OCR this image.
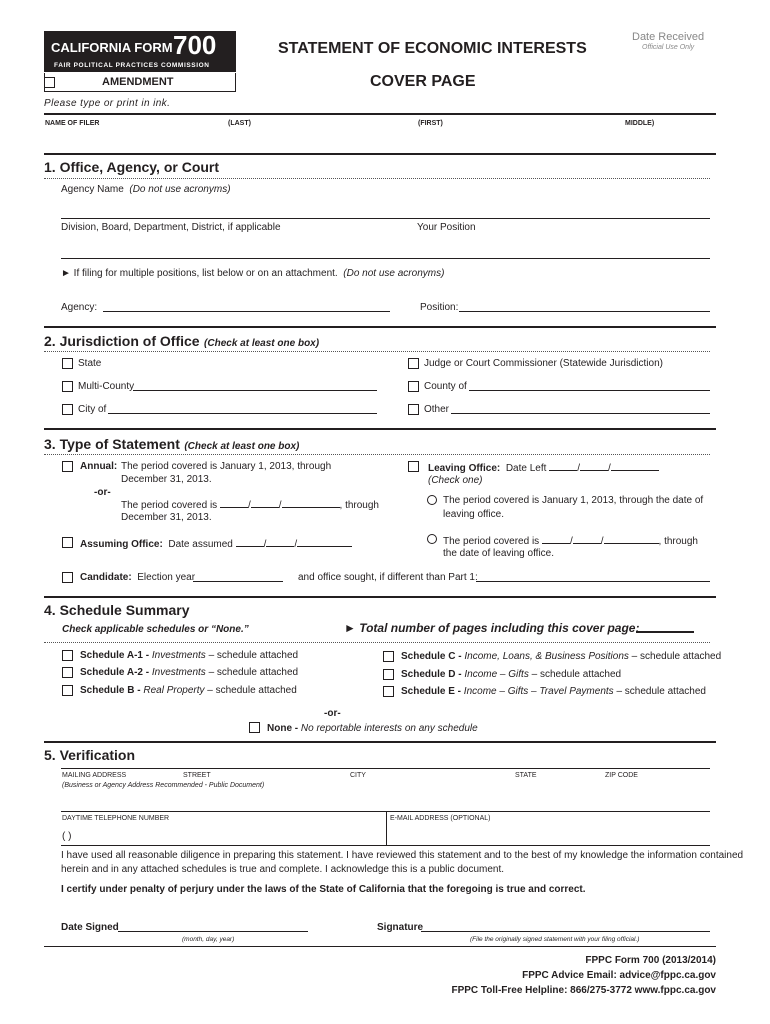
CALIFORNIA FORM 700
FAIR POLITICAL PRACTICES COMMISSION
AMENDMENT
STATEMENT OF ECONOMIC INTERESTS
COVER PAGE
Date Received
Official Use Only
Please type or print in ink.
NAME OF FILER	(LAST)	(FIRST)	MIDDLE)
1. Office, Agency, or Court
Agency Name (Do not use acronyms)
Division, Board, Department, District, if applicable	Your Position
► If filing for multiple positions, list below or on an attachment. (Do not use acronyms)
Agency:	Position:
2. Jurisdiction of Office (Check at least one box)
State
Multi-County
City of
Judge or Court Commissioner (Statewide Jurisdiction)
County of
Other
3. Type of Statement (Check at least one box)
Annual: The period covered is January 1, 2013, through
December 31, 2013.
-or-
The period covered is	/	/	, through
December 31, 2013.
Assuming Office: Date assumed	/	/
Leaving Office: Date Left	/	/
(Check one)
The period covered is January 1, 2013, through the date of
leaving office.
The period covered is	/	/	, through
the date of leaving office.
Candidate: Election year	and office sought, if different than Part 1:
4. Schedule Summary
Check applicable schedules or “None.”	► Total number of pages including this cover page:
Schedule A-1 - Investments – schedule attached
Schedule A-2 - Investments – schedule attached
Schedule B - Real Property – schedule attached
Schedule C - Income, Loans, & Business Positions – schedule attached
Schedule D - Income – Gifts – schedule attached
Schedule E - Income – Gifts – Travel Payments – schedule attached
-or-
None - No reportable interests on any schedule
5. Verification
MAILING ADDRESS	STREET	CITY	STATE	ZIP CODE
(Business or Agency Address Recommended - Public Document)
DAYTIME TELEPHONE NUMBER	E-MAIL ADDRESS (OPTIONAL)
( )
I have used all reasonable diligence in preparing this statement. I have reviewed this statement and to the best of my knowledge the information contained
herein and in any attached schedules is true and complete. I acknowledge this is a public document.
I certify under penalty of perjury under the laws of the State of California that the foregoing is true and correct.
Date Signed
(month, day, year)
Signature
(File the originally signed statement with your filing official.)
FPPC Form 700 (2013/2014)
FPPC Advice Email: advice@fppc.ca.gov
FPPC Toll-Free Helpline: 866/275-3772 www.fppc.ca.gov
